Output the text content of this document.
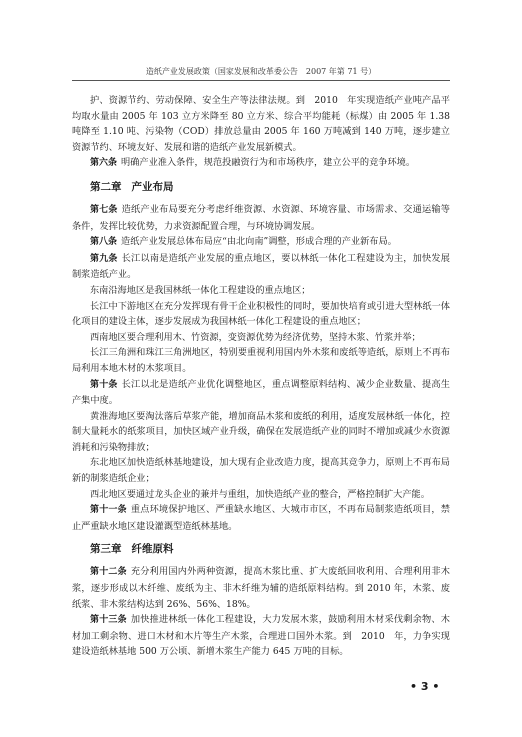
造纸产业发展政策（国家发展和改革委公告　2007 年第 71 号）

护、资源节约、劳动保障、安全生产等法律法规。到　2010　年实现造纸产业吨产品平均取水量由 2005 年 103 立方米降至 80 立方米、综合平均能耗（标煤）由 2005 年 1.38 吨降至 1.10 吨、污染物（COD）排放总量由 2005 年 160 万吨减到 140 万吨，逐步建立资源节约、环境友好、发展和谐的造纸产业发展新模式。

第六条 明确产业准入条件，规范投融资行为和市场秩序，建立公平的竞争环境。

第二章 产业布局

第七条 造纸产业布局要充分考虑纤维资源、水资源、环境容量、市场需求、交通运输等条件，发挥比较优势，力求资源配置合理，与环境协调发展。

第八条 造纸产业发展总体布局应“由北向南”调整，形成合理的产业新布局。

第九条 长江以南是造纸产业发展的重点地区，要以林纸一体化工程建设为主，加快发展制浆造纸产业。

东南沿海地区是我国林纸一体化工程建设的重点地区；

长江中下游地区在充分发挥现有骨干企业积极性的同时，要加快培育或引进大型林纸一体化项目的建设主体，逐步发展成为我国林纸一体化工程建设的重点地区；

西南地区要合理利用木、竹资源，变资源优势为经济优势，坚持木浆、竹浆并举；

长江三角洲和珠江三角洲地区，特别要重视利用国内外木浆和废纸等造纸，原则上不再布局利用本地木材的木浆项目。

第十条 长江以北是造纸产业优化调整地区，重点调整原料结构、减少企业数量、提高生产集中度。

黄淮海地区要淘汰落后草浆产能，增加商品木浆和废纸的利用，适度发展林纸一体化，控制大量耗水的纸浆项目，加快区域产业升级，确保在发展造纸产业的同时不增加或减少水资源消耗和污染物排放；

东北地区加快造纸林基地建设，加大现有企业改造力度，提高其竞争力，原则上不再布局新的制浆造纸企业；

西北地区要通过龙头企业的兼并与重组，加快造纸产业的整合，严格控制扩大产能。

第十一条 重点环境保护地区、严重缺水地区、大城市市区，不再布局制浆造纸项目，禁止严重缺水地区建设灌溉型造纸林基地。

第三章 纤维原料

第十二条 充分利用国内外两种资源，提高木浆比重、扩大废纸回收利用、合理利用非木浆，逐步形成以木纤维、废纸为主、非木纤维为辅的造纸原料结构。到 2010 年，木浆、废纸浆、非木浆结构达到 26%、56%、18%。

第十三条 加快推进林纸一体化工程建设，大力发展木浆，鼓励利用木材采伐剩余物、木材加工剩余物、进口木材和木片等生产木浆，合理进口国外木浆。到　2010　年，力争实现建设造纸林基地 500 万公顷、新增木浆生产能力 645 万吨的目标。

• 3 •
